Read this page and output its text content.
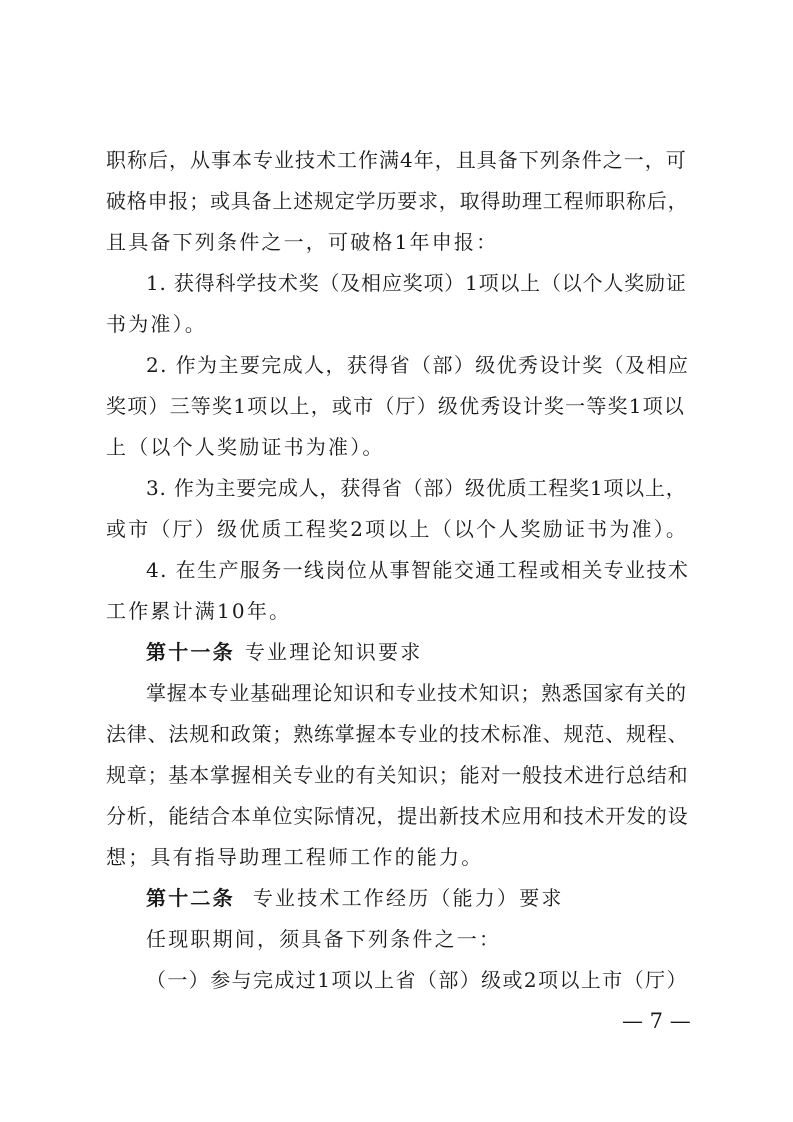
职称后，从事本专业技术工作满4年，且具备下列条件之一，可
破格申报；或具备上述规定学历要求，取得助理工程师职称后，
且具备下列条件之一，可破格1年申报：
1. 获得科学技术奖（及相应奖项）1项以上（以个人奖励证
书为准）。
2. 作为主要完成人，获得省（部）级优秀设计奖（及相应
奖项）三等奖1项以上，或市（厅）级优秀设计奖一等奖1项以
上（以个人奖励证书为准）。
3. 作为主要完成人，获得省（部）级优质工程奖1项以上，
或市（厅）级优质工程奖2项以上（以个人奖励证书为准）。
4. 在生产服务一线岗位从事智能交通工程或相关专业技术
工作累计满10年。
第十一条 专业理论知识要求
掌握本专业基础理论知识和专业技术知识；熟悉国家有关的
法律、法规和政策；熟练掌握本专业的技术标准、规范、规程、
规章；基本掌握相关专业的有关知识；能对一般技术进行总结和
分析，能结合本单位实际情况，提出新技术应用和技术开发的设
想；具有指导助理工程师工作的能力。
第十二条 专业技术工作经历（能力）要求
任现职期间，须具备下列条件之一：
（一）参与完成过1项以上省（部）级或2项以上市（厅）
— 7 —
